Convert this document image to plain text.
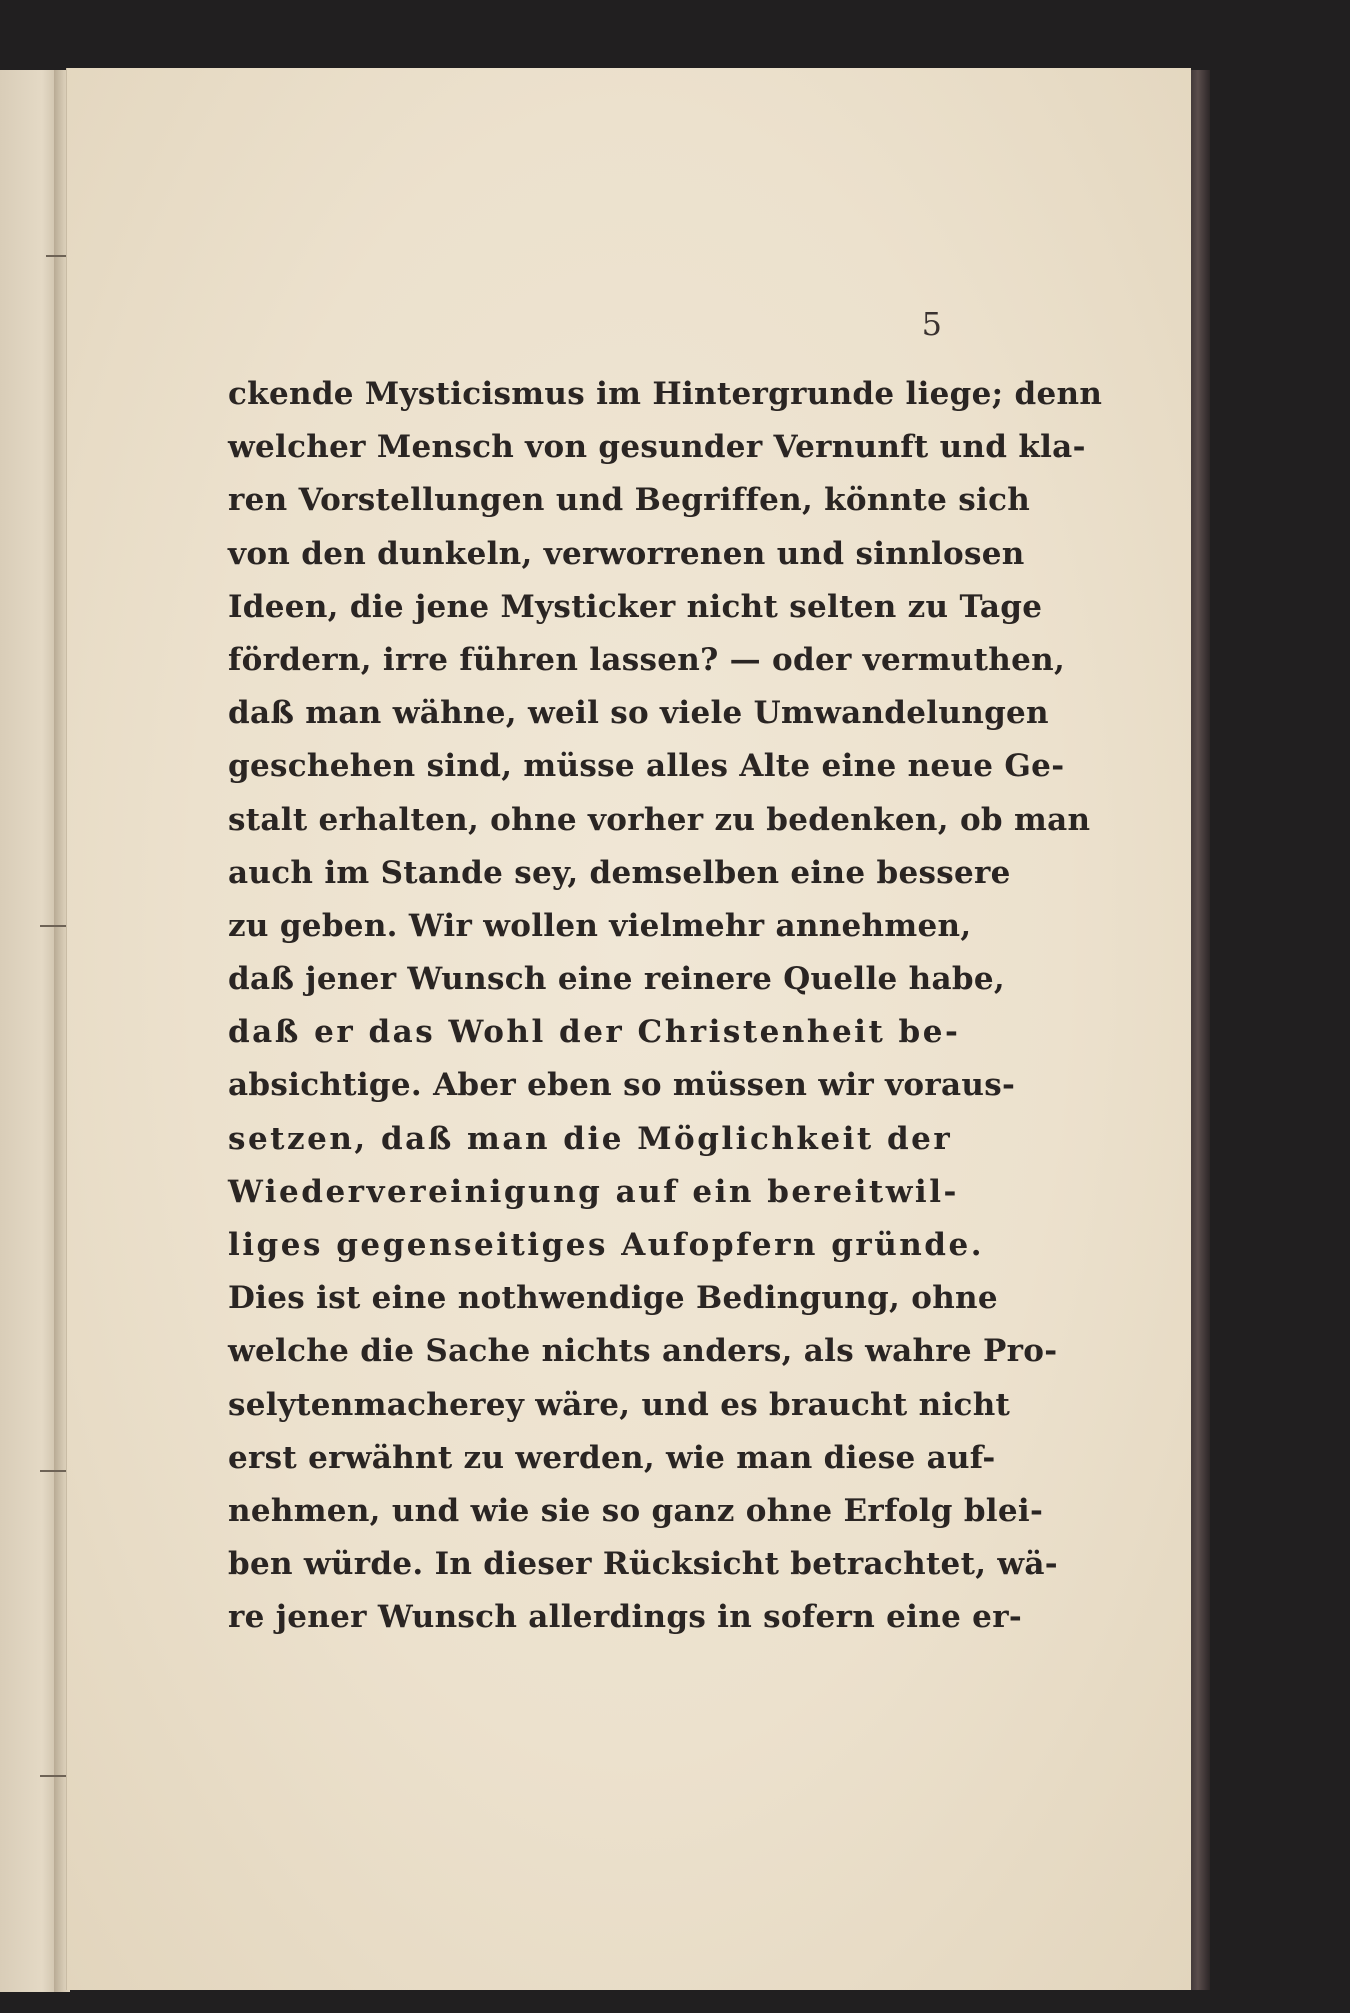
5
ckende Mysticismus im Hintergrunde liege; denn
welcher Mensch von gesunder Vernunft und kla-
ren Vorstellungen und Begriffen, könnte sich
von den dunkeln, verworrenen und sinnlosen
Ideen, die jene Mysticker nicht selten zu Tage
fördern, irre führen lassen? — oder vermuthen,
daß man wähne, weil so viele Umwandelungen
geschehen sind, müsse alles Alte eine neue Ge-
stalt erhalten, ohne vorher zu bedenken, ob man
auch im Stande sey, demselben eine bessere
zu geben. Wir wollen vielmehr annehmen,
daß jener Wunsch eine reinere Quelle habe,
daß er das Wohl der Christenheit be-
absichtige. Aber eben so müssen wir voraus-
setzen, daß man die Möglichkeit der
Wiedervereinigung auf ein bereitwil-
liges gegenseitiges Aufopfern gründe.
Dies ist eine nothwendige Bedingung, ohne
welche die Sache nichts anders, als wahre Pro-
selytenmacherey wäre, und es braucht nicht
erst erwähnt zu werden, wie man diese auf-
nehmen, und wie sie so ganz ohne Erfolg blei-
ben würde. In dieser Rücksicht betrachtet, wä-
re jener Wunsch allerdings in sofern eine er-
